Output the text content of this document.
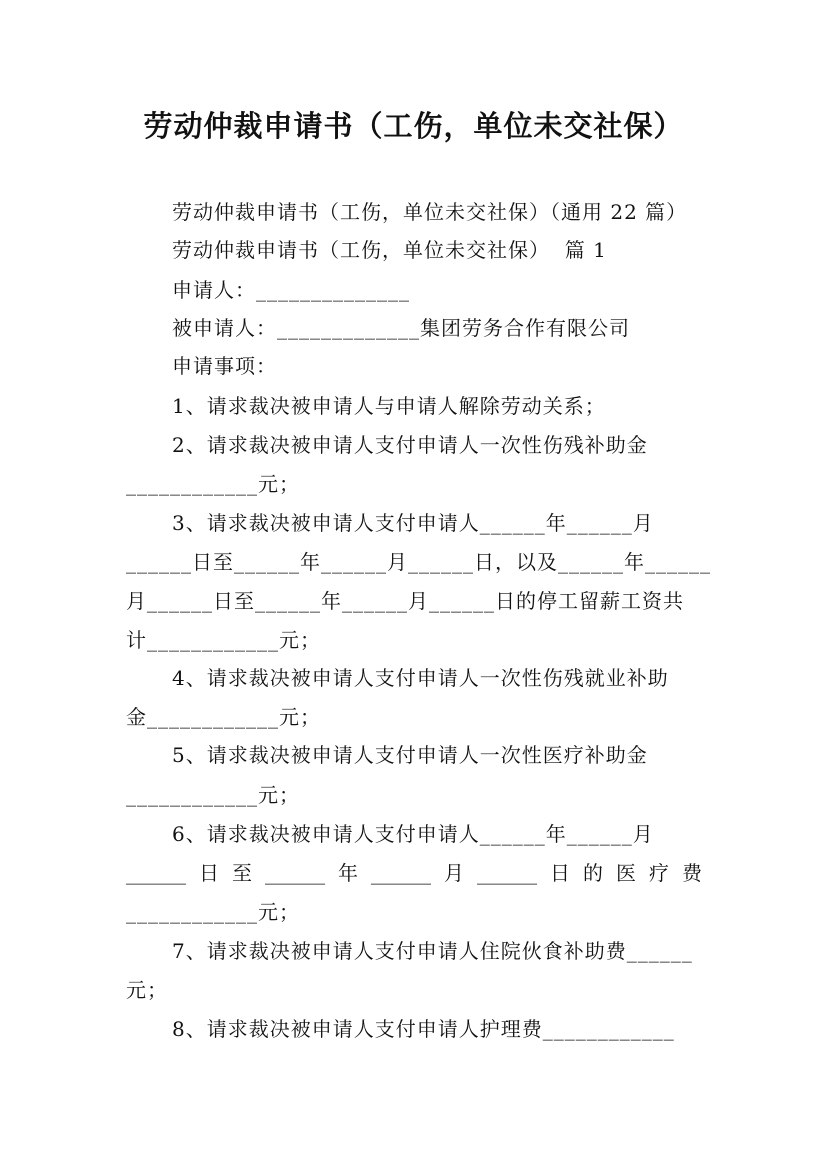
劳动仲裁申请书（工伤，单位未交社保）
劳动仲裁申请书（工伤，单位未交社保）（通用 22 篇）
劳动仲裁申请书（工伤，单位未交社保）  篇 1
申请人：______________
被申请人：_____________集团劳务合作有限公司
申请事项：
1、请求裁决被申请人与申请人解除劳动关系；
2、请求裁决被申请人支付申请人一次性伤残补助金
____________元；
3、请求裁决被申请人支付申请人______年______月
______日至______年______月______日，以及______年______
月______日至______年______月______日的停工留薪工资共
计____________元；
4、请求裁决被申请人支付申请人一次性伤残就业补助
金____________元；
5、请求裁决被申请人支付申请人一次性医疗补助金
____________元；
6、请求裁决被申请人支付申请人______年______月
______ 日 至 ______ 年 ______ 月 ______ 日 的 医 疗 费
____________元；
7、请求裁决被申请人支付申请人住院伙食补助费______
元；
8、请求裁决被申请人支付申请人护理费____________
